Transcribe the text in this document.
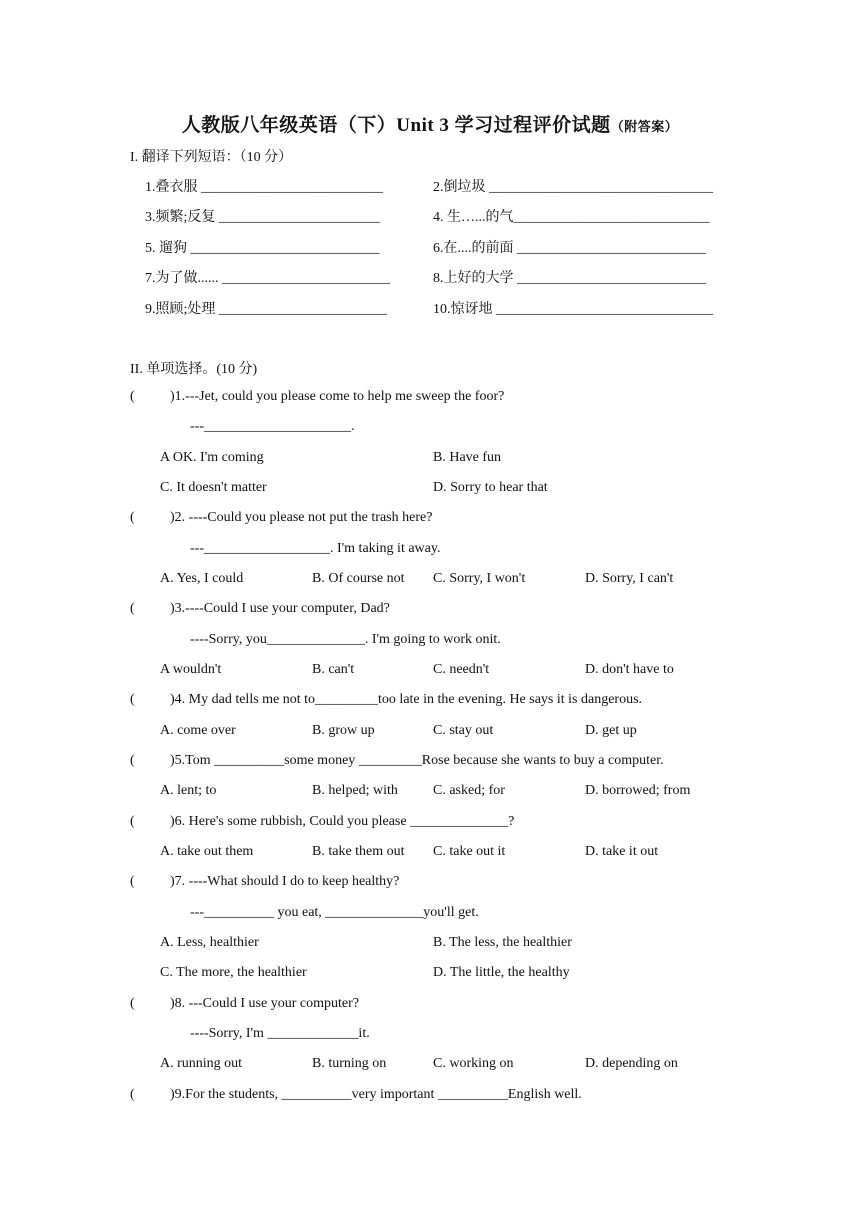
人教版八年级英语（下）Unit 3 学习过程评价试题（附答案）
I. 翻译下列短语：（10 分）
1.叠衣服 __________________________	2.倒垃圾 ________________________________
3.频繁;反复 _______________________	4. 生…...的气____________________________
5. 遛狗 ___________________________	6.在....的前面 ___________________________
7.为了做...... ________________________	8.上好的大学 ___________________________
9.照顾;处理 ________________________	10.惊讶地 _______________________________
II. 单项选择。(10 分)
(	)1.---Jet, could you please come to help me sweep the foor?
---_____________________.
A OK. I'm coming	B. Have fun
C. It doesn't matter	D. Sorry to hear that
(	)2. ----Could you please not put the trash here?
---__________________. I'm taking it away.
A. Yes, I could	B. Of course not C. Sorry, I won't	D. Sorry, I can't
(	)3.----Could I use your computer, Dad?
----Sorry, you______________. I'm going to work onit.
A wouldn't	B. can't	C. needn't	D. don't have to
(	)4. My dad tells me not to_________too late in the evening. He says it is dangerous.
A. come over	B. grow up	C. stay out	D. get up
(	)5.Tom __________some money _________Rose because she wants to buy a computer.
A. lent; to	B. helped; with	C. asked; for	D. borrowed; from
(	)6. Here's some rubbish, Could you please ______________?
A. take out them	B. take them out C. take out it	D. take it out
(	)7. ----What should I do to keep healthy?
---__________ you eat, ______________you'll get.
A. Less, healthier	B. The less, the healthier
C. The more, the healthier	D. The little, the healthy
(	)8. ---Could I use your computer?
----Sorry, I'm _____________it.
A. running out	B. turning on	C. working on	D. depending on
(	)9.For the students, __________very important __________English well.
